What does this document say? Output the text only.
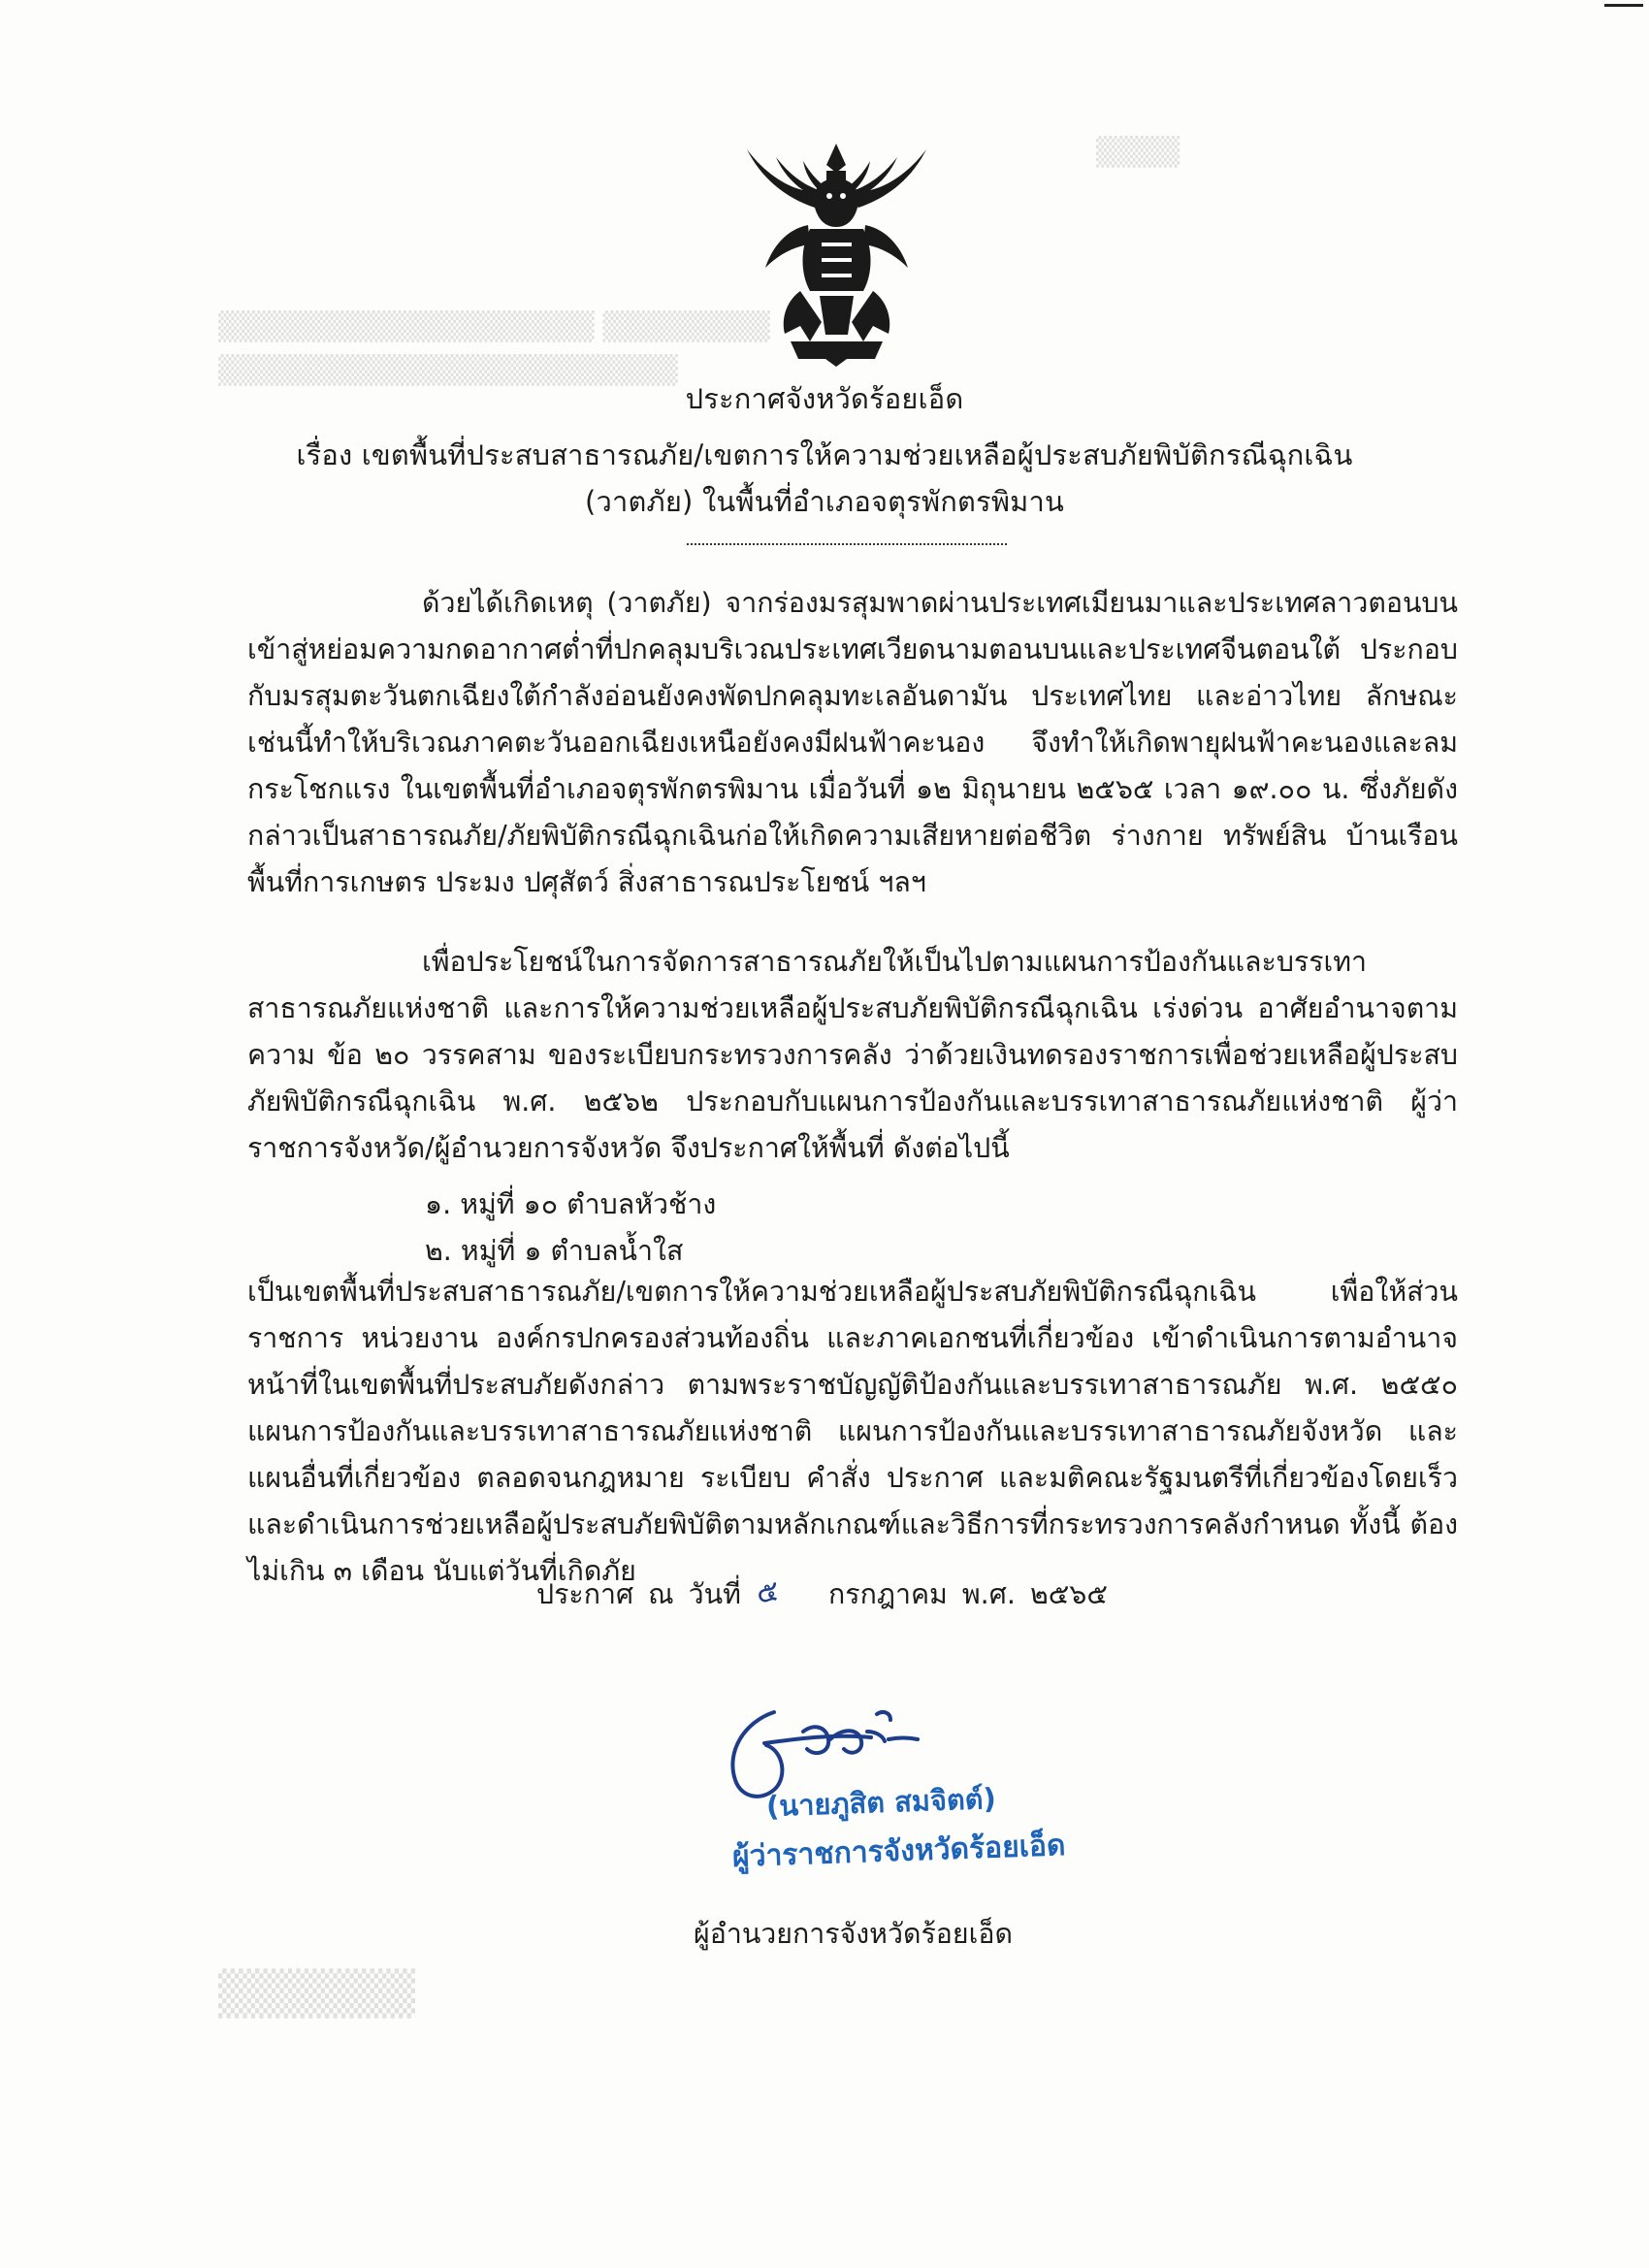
▒▒▒▒▒▒▒▒ ▒▒▒▒▒▒▒▒▒▒▒▒▒▒▒▒▒▒
▒▒▒▒▒▒▒▒▒▒▒▒▒▒▒▒▒▒▒▒▒▒
▒▒▒▒
▒▒▒▒▒▒
ประกาศจังหวัดร้อยเอ็ด
เรื่อง เขตพื้นที่ประสบสาธารณภัย/เขตการให้ความช่วยเหลือผู้ประสบภัยพิบัติกรณีฉุกเฉิน
(วาตภัย) ในพื้นที่อำเภอจตุรพักตรพิมาน
ด้วยได้เกิดเหตุ (วาตภัย) จากร่องมรสุมพาดผ่านประเทศเมียนมาและประเทศลาวตอนบน เข้าสู่หย่อมความกดอากาศต่ำที่ปกคลุมบริเวณประเทศเวียดนามตอนบนและประเทศจีนตอนใต้ ประกอบกับมรสุมตะวันตกเฉียงใต้กำลังอ่อนยังคงพัดปกคลุมทะเลอันดามัน ประเทศไทย และอ่าวไทย ลักษณะเช่นนี้ทำให้บริเวณภาคตะวันออกเฉียงเหนือยังคงมีฝนฟ้าคะนอง จึงทำให้เกิดพายุฝนฟ้าคะนองและลมกระโชกแรง ในเขตพื้นที่อำเภอจตุรพักตรพิมาน เมื่อวันที่ ๑๒ มิถุนายน ๒๕๖๕ เวลา ๑๙.๐๐ น. ซึ่งภัยดังกล่าวเป็นสาธารณภัย/ภัยพิบัติกรณีฉุกเฉินก่อให้เกิดความเสียหายต่อชีวิต ร่างกาย ทรัพย์สิน บ้านเรือน พื้นที่การเกษตร ประมง ปศุสัตว์ สิ่งสาธารณประโยชน์ ฯลฯ
เพื่อประโยชน์ในการจัดการสาธารณภัยให้เป็นไปตามแผนการป้องกันและบรรเทาสาธารณภัยแห่งชาติ และการให้ความช่วยเหลือผู้ประสบภัยพิบัติกรณีฉุกเฉิน เร่งด่วน อาศัยอำนาจตามความ ข้อ ๒๐ วรรคสาม ของระเบียบกระทรวงการคลัง ว่าด้วยเงินทดรองราชการเพื่อช่วยเหลือผู้ประสบภัยพิบัติกรณีฉุกเฉิน พ.ศ. ๒๕๖๒ ประกอบกับแผนการป้องกันและบรรเทาสาธารณภัยแห่งชาติ ผู้ว่าราชการจังหวัด/ผู้อำนวยการจังหวัด จึงประกาศให้พื้นที่ ดังต่อไปนี้
๑. หมู่ที่ ๑๐ ตำบลหัวช้าง
๒. หมู่ที่ ๑ ตำบลน้ำใส
เป็นเขตพื้นที่ประสบสาธารณภัย/เขตการให้ความช่วยเหลือผู้ประสบภัยพิบัติกรณีฉุกเฉิน เพื่อให้ส่วนราชการ หน่วยงาน องค์กรปกครองส่วนท้องถิ่น และภาคเอกชนที่เกี่ยวข้อง เข้าดำเนินการตามอำนาจหน้าที่ในเขตพื้นที่ประสบภัยดังกล่าว ตามพระราชบัญญัติป้องกันและบรรเทาสาธารณภัย พ.ศ. ๒๕๕๐ แผนการป้องกันและบรรเทาสาธารณภัยแห่งชาติ แผนการป้องกันและบรรเทาสาธารณภัยจังหวัด และแผนอื่นที่เกี่ยวข้อง ตลอดจนกฎหมาย ระเบียบ คำสั่ง ประกาศ และมติคณะรัฐมนตรีที่เกี่ยวข้องโดยเร็ว และดำเนินการช่วยเหลือผู้ประสบภัยพิบัติตามหลักเกณฑ์และวิธีการที่กระทรวงการคลังกำหนด ทั้งนี้ ต้องไม่เกิน ๓ เดือน นับแต่วันที่เกิดภัย
ประกาศ ณ วันที่	กรกฎาคม พ.ศ. ๒๕๖๕
๕
(นายภูสิต สมจิตต์)
ผู้ว่าราชการจังหวัดร้อยเอ็ด
ผู้อำนวยการจังหวัดร้อยเอ็ด
